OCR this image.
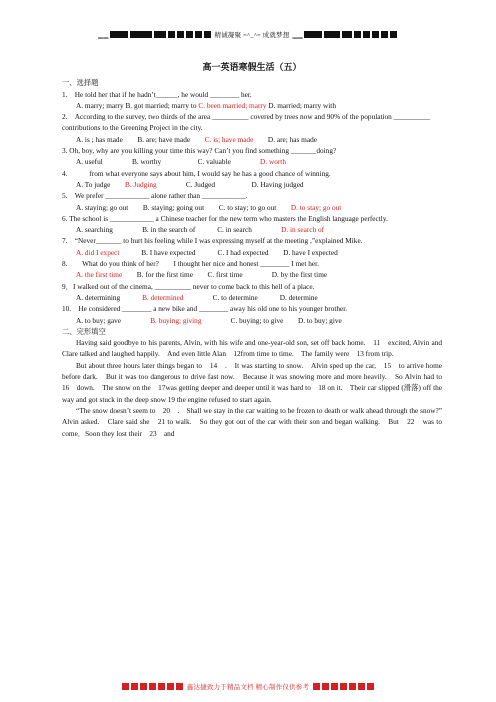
▁▁	精诚凝聚 =^_^= 成就梦想 ▁▁
高一英语寒假生活（五）
一、选择题
1.　He told her that if he hadn’t______, he would ________ her.
A. marry; marry B. got married; marry to C. been married; marry D. married; marry with
2.　According to the survey, two thirds of the area __________ covered by trees now and 90% of the population __________ contributions to the Greening Project in the city.
A. is ; has made　　B. are; have made　　C. is; have made　　D. are; has made
3. Oh, boy, why are you killing your time this way? Can’t you find something _______doing?
A. useful　　　　B. worthy　　　　　C. valuable　　　　D. worth
4.　　　from what everyone says about him, I would say he has a good chance of winning.
A. To judge　　B. Judging　　　　C. Judged　　　　　D. Having judged
5.　We prefer ____________ alone rather than ____________.
A. staying; go out　　B. staying; going out　　C. to stay; to go out　　D. to stay; go out
6. The school is ____________ a Chinese teacher for the new term who masters the English language perfectly.
A. searching　　　　B. in the search of　　　C. in search　　　　D. in search of
7.　“Never_______ to hurt his feeling while I was expressing myself at the meeting ,”explained Mike.
A. did I expect　　　B. I have expected　　　C. I had expected　　D. have I expected
8.　　What do you think of her?　　I thought her nice and honest ________ I met her.
A. the first time　　B. for the first time　　C. first time　　　　D. by the first time
9．I walked out of the cinema, __________ never to come back to this hell of a place.
A. determining　　　B. determined　　　　C. to determine　　　D. determine
10.　He considered ________ a new bike and ________ away his old one to his younger brother.
A. to buy; gave　　　　B. buying; giving　　　　C. buying; to give　　D. to buy; give
二、完形填空

Having said goodbye to his parents, Alvin, with his wife and one-year-old son, set off back home.　11　excited, Alvin and Clare talked and laughed happily.　And even little Alan　12from time to time.　The family were　13 from trip.

But about three hours later things began to　14　.　It was starting to snow.　Alvin sped up the car,　15　to arrive home before dark.　But it was too dangerous to drive fast now.　Because it was snowing more and more heavily.　So Alvin had to　16　down.　The snow on the　17was getting deeper and deeper until it was hard to　18 on it.　Their car slipped (滑落) off the way and got stuck in the deep snow 19 the engine refused to start again.

“The snow doesn’t seem to　20　.　Shall we stay in the car waiting to be frozen to death or walk ahead through the snow?” Alvin asked.　Clare said she　21 to walk.　So they got out of the car with their son and began walking.　But　22　was to come．Soon they lost their　23　and

鑫达捷致力于精品文档 精心制作仅供参考
